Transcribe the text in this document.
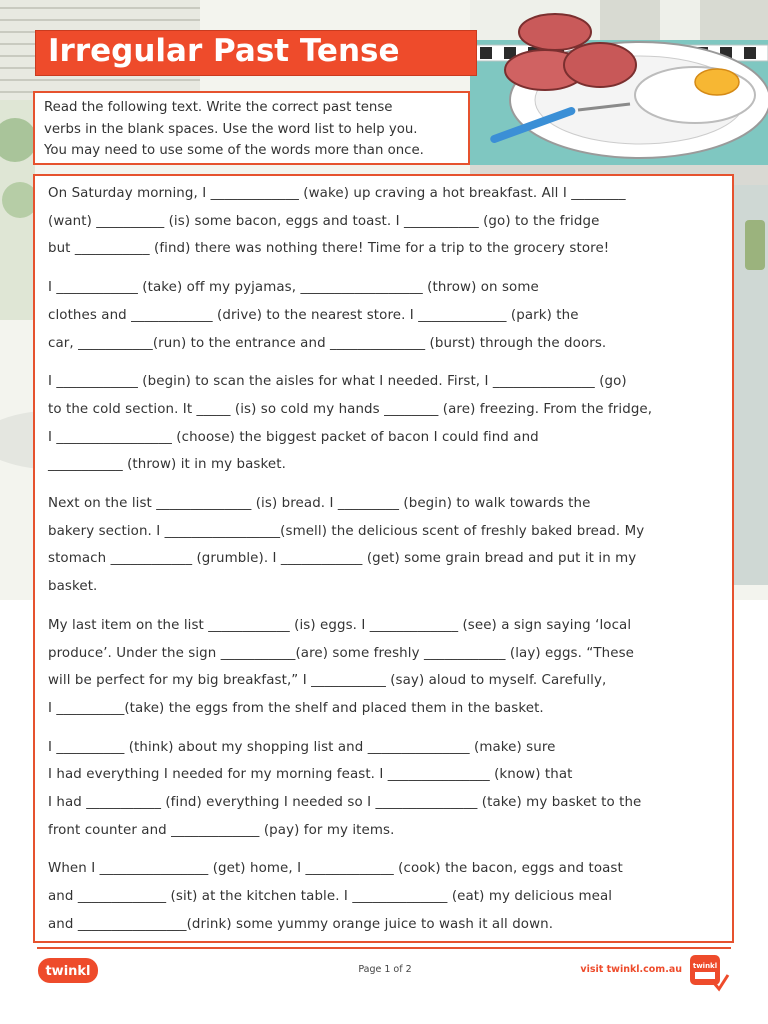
Irregular Past Tense
Read the following text. Write the correct past tense
verbs in the blank spaces. Use the word list to help you.
You may need to use some of the words more than once.
On Saturday morning, I _____________ (wake) up craving a hot breakfast. All I ________
(want) __________ (is) some bacon, eggs and toast. I ___________ (go) to the fridge
but ___________ (find) there was nothing there! Time for a trip to the grocery store!
I ____________ (take) off my pyjamas, __________________ (throw) on some
clothes and ____________ (drive) to the nearest store. I _____________ (park) the
car, ___________(run) to the entrance and ______________ (burst) through the doors.
I ____________ (begin) to scan the aisles for what I needed. First, I _______________ (go)
to the cold section. It _____ (is) so cold my hands ________ (are) freezing. From the fridge,
I _________________ (choose) the biggest packet of bacon I could find and
___________ (throw) it in my basket.
Next on the list ______________ (is) bread. I _________ (begin) to walk towards the
bakery section. I _________________(smell) the delicious scent of freshly baked bread. My
stomach ____________ (grumble). I ____________ (get) some grain bread and put it in my
basket.
My last item on the list ____________ (is) eggs. I _____________ (see) a sign saying ‘local
produce’. Under the sign ___________(are) some freshly ____________ (lay) eggs. “These
will be perfect for my big breakfast,” I ___________ (say) aloud to myself. Carefully,
I __________(take) the eggs from the shelf and placed them in the basket.
I __________ (think) about my shopping list and _______________ (make) sure
I had everything I needed for my morning feast. I _______________ (know) that
I had ___________ (find) everything I needed so I _______________ (take) my basket to the
front counter and _____________ (pay) for my items.
When I ________________ (get) home, I _____________ (cook) the bacon, eggs and toast
and _____________ (sit) at the kitchen table. I ______________ (eat) my delicious meal
and ________________(drink) some yummy orange juice to wash it all down.
twinkl	Page 1 of 2	visit twinkl.com.au twinkl
